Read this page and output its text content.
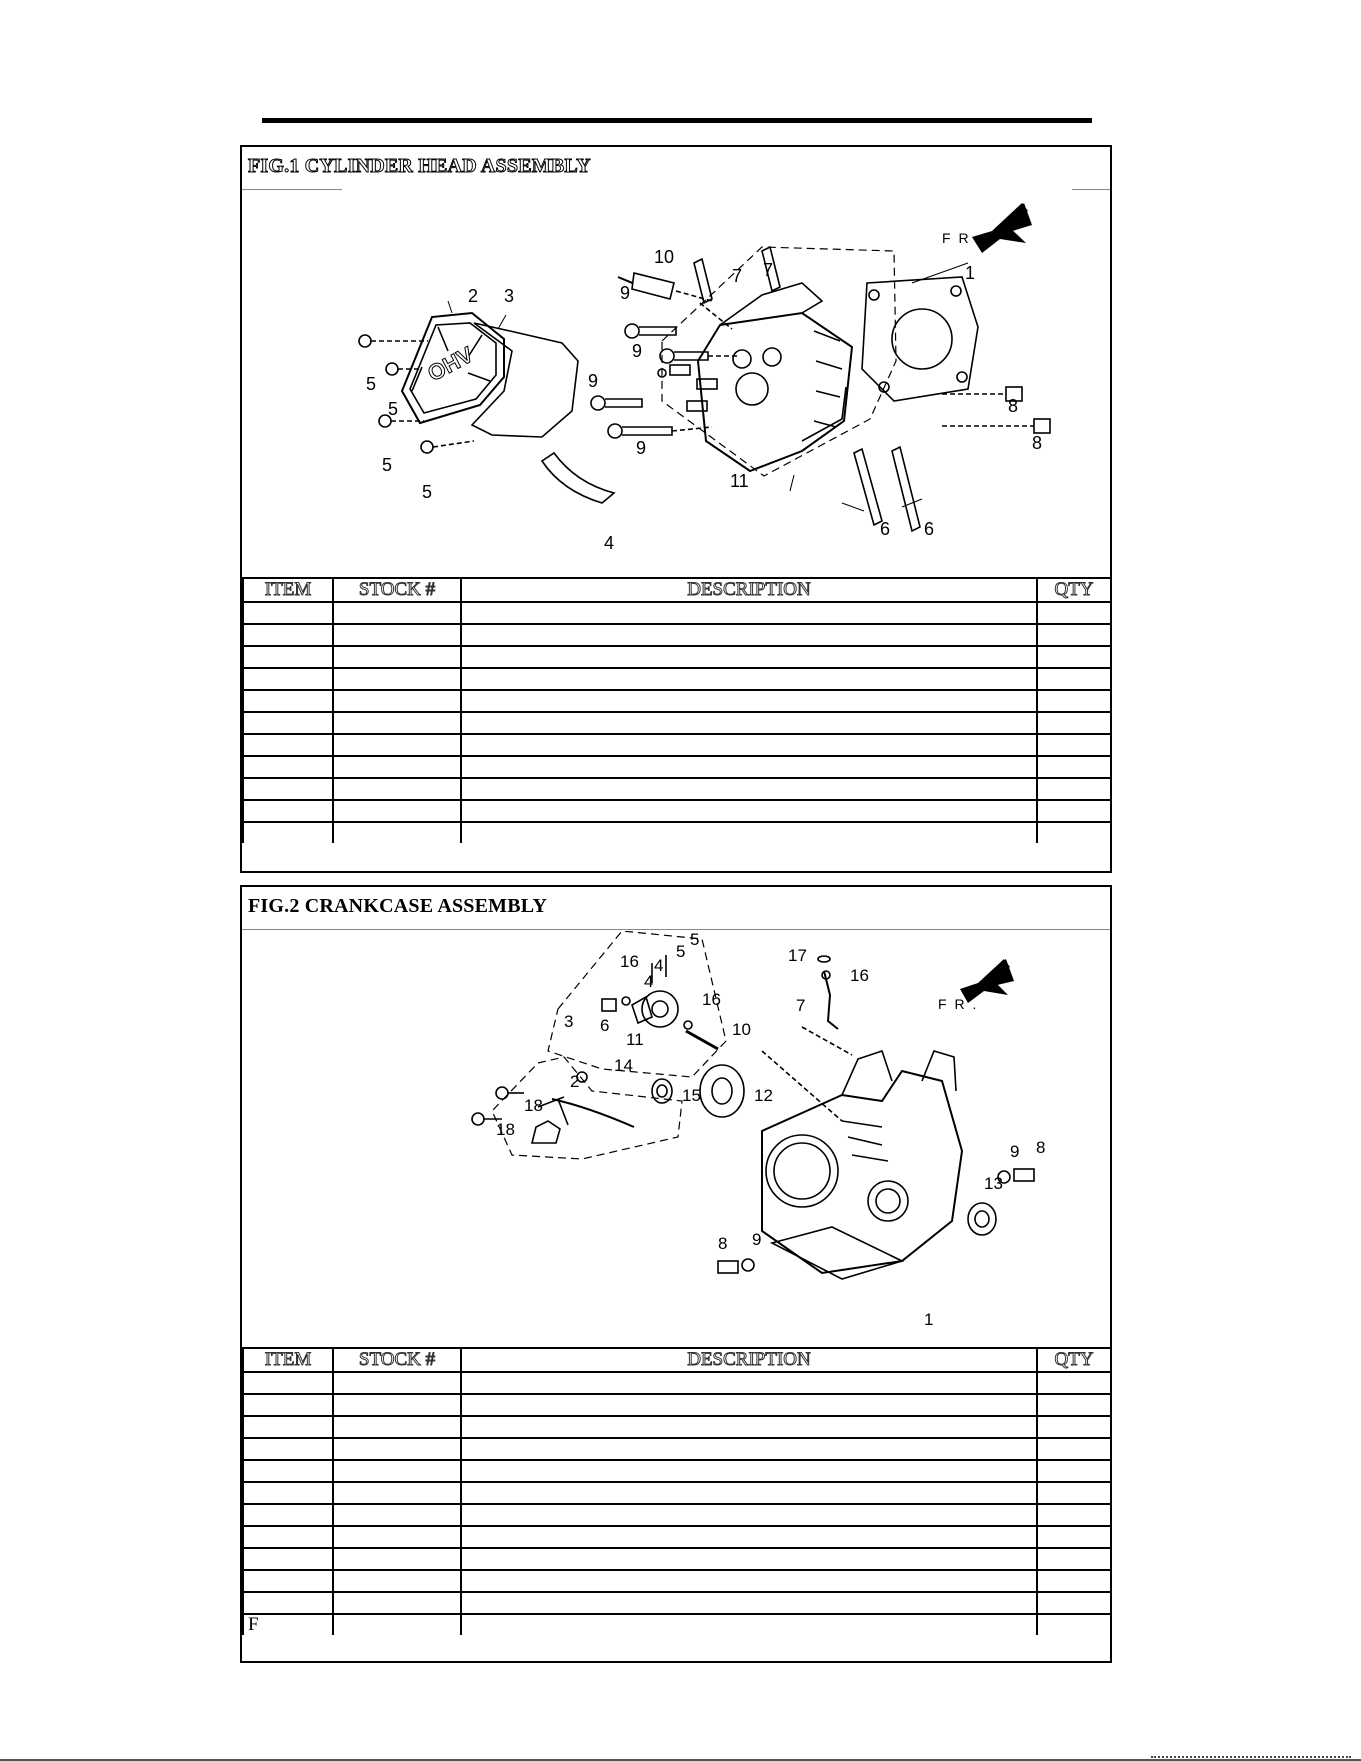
FIG.1 CYLINDER HEAD ASSEMBLY
1
2 3
4
5
5
5
5
6 6
7 7
8
8
9
9
9
9
10
11
F R .
OHV
ITEM	STOCK #	DESCRIPTION	QTY

FIG.2 CRANKCASE ASSEMBLY
1
2
3
4
4
5
5
6
7
8
8
9
9
10
11
12
13
14
15
16
16
16
17
18
18
F R .
ITEM	STOCK #	DESCRIPTION	QTY

F			
